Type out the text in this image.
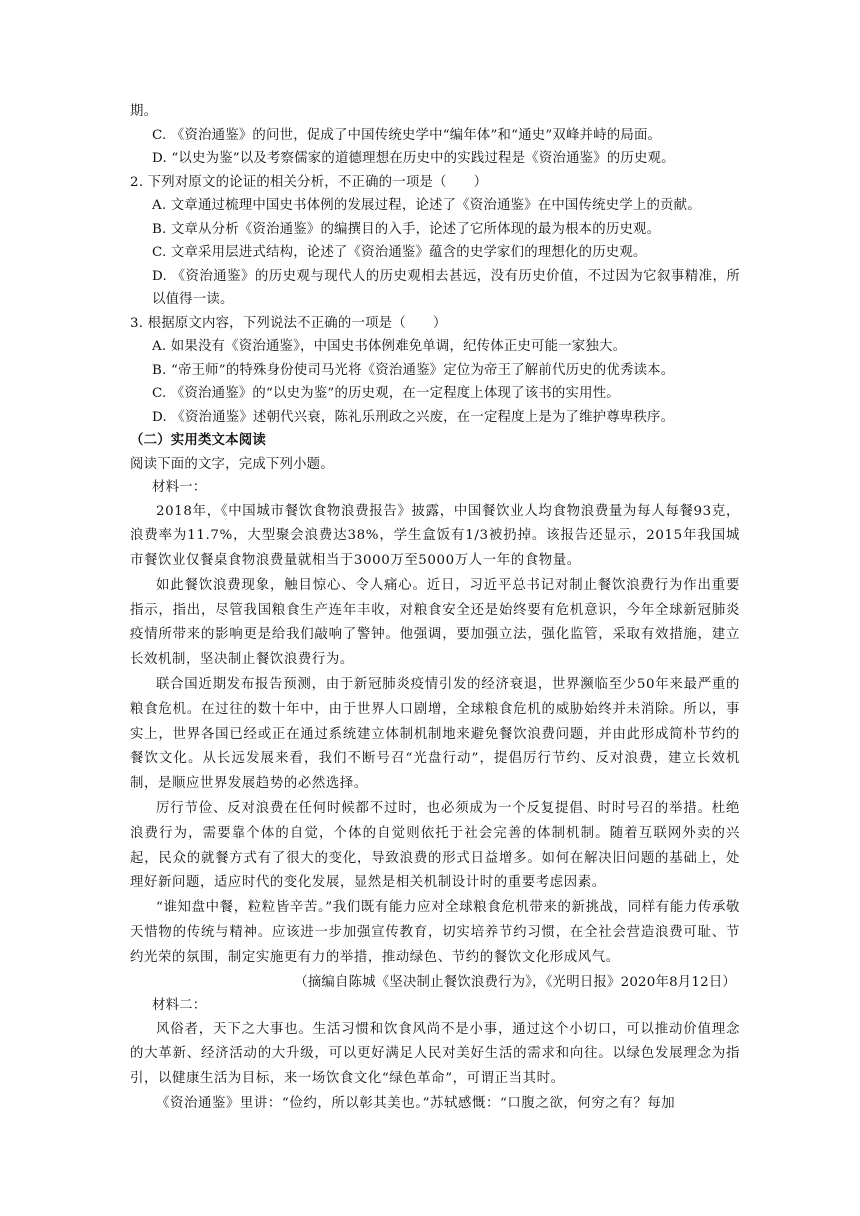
期。

C. 《资治通鉴》的问世，促成了中国传统史学中“编年体”和“通史”双峰并峙的局面。

D. “以史为鉴”以及考察儒家的道德理想在历史中的实践过程是《资治通鉴》的历史观。

2. 下列对原文的论证的相关分析，不正确的一项是（　　）

A. 文章通过梳理中国史书体例的发展过程，论述了《资治通鉴》在中国传统史学上的贡献。

B. 文章从分析《资治通鉴》的编撰目的入手，论述了它所体现的最为根本的历史观。

C. 文章采用层进式结构，论述了《资治通鉴》蕴含的史学家们的理想化的历史观。

D. 《资治通鉴》的历史观与现代人的历史观相去甚远，没有历史价值，不过因为它叙事精准，所以值得一读。

3. 根据原文内容，下列说法不正确的一项是（　　）

A. 如果没有《资治通鉴》，中国史书体例难免单调，纪传体正史可能一家独大。

B. “帝王师”的特殊身份使司马光将《资治通鉴》定位为帝王了解前代历史的优秀读本。

C. 《资治通鉴》的“以史为鉴”的历史观，在一定程度上体现了该书的实用性。

D. 《资治通鉴》述朝代兴衰，陈礼乐刑政之兴废，在一定程度上是为了维护尊卑秩序。

（二）实用类文本阅读

阅读下面的文字，完成下列小题。

材料一：

2018年，《中国城市餐饮食物浪费报告》披露，中国餐饮业人均食物浪费量为每人每餐93克，浪费率为11.7%，大型聚会浪费达38%，学生盒饭有1/3被扔掉。该报告还显示，2015年我国城市餐饮业仅餐桌食物浪费量就相当于3000万至5000万人一年的食物量。

如此餐饮浪费现象，触目惊心、令人痛心。近日，习近平总书记对制止餐饮浪费行为作出重要指示，指出，尽管我国粮食生产连年丰收，对粮食安全还是始终要有危机意识，今年全球新冠肺炎疫情所带来的影响更是给我们敲响了警钟。他强调，要加强立法，强化监管，采取有效措施，建立长效机制，坚决制止餐饮浪费行为。

联合国近期发布报告预测，由于新冠肺炎疫情引发的经济衰退，世界濒临至少50年来最严重的粮食危机。在过往的数十年中，由于世界人口剧增，全球粮食危机的威胁始终并未消除。所以，事实上，世界各国已经或正在通过系统建立体制机制地来避免餐饮浪费问题，并由此形成简朴节约的餐饮文化。从长远发展来看，我们不断号召“光盘行动”，提倡厉行节约、反对浪费，建立长效机制，是顺应世界发展趋势的必然选择。

厉行节俭、反对浪费在任何时候都不过时，也必须成为一个反复提倡、时时号召的举措。杜绝浪费行为，需要靠个体的自觉，个体的自觉则依托于社会完善的体制机制。随着互联网外卖的兴起，民众的就餐方式有了很大的变化，导致浪费的形式日益增多。如何在解决旧问题的基础上，处理好新问题，适应时代的变化发展，显然是相关机制设计时的重要考虑因素。

“谁知盘中餐，粒粒皆辛苦。”我们既有能力应对全球粮食危机带来的新挑战，同样有能力传承敬天惜物的传统与精神。应该进一步加强宣传教育，切实培养节约习惯，在全社会营造浪费可耻、节约光荣的氛围，制定实施更有力的举措，推动绿色、节约的餐饮文化形成风气。

（摘编自陈城《坚决制止餐饮浪费行为》，《光明日报》2020年8月12日）

材料二：

风俗者，天下之大事也。生活习惯和饮食风尚不是小事，通过这个小切口，可以推动价值理念的大革新、经济活动的大升级，可以更好满足人民对美好生活的需求和向往。以绿色发展理念为指引，以健康生活为目标，来一场饮食文化“绿色革命”，可谓正当其时。

《资治通鉴》里讲：“俭约，所以彰其美也。”苏轼感慨：“口腹之欲，何穷之有？每加
